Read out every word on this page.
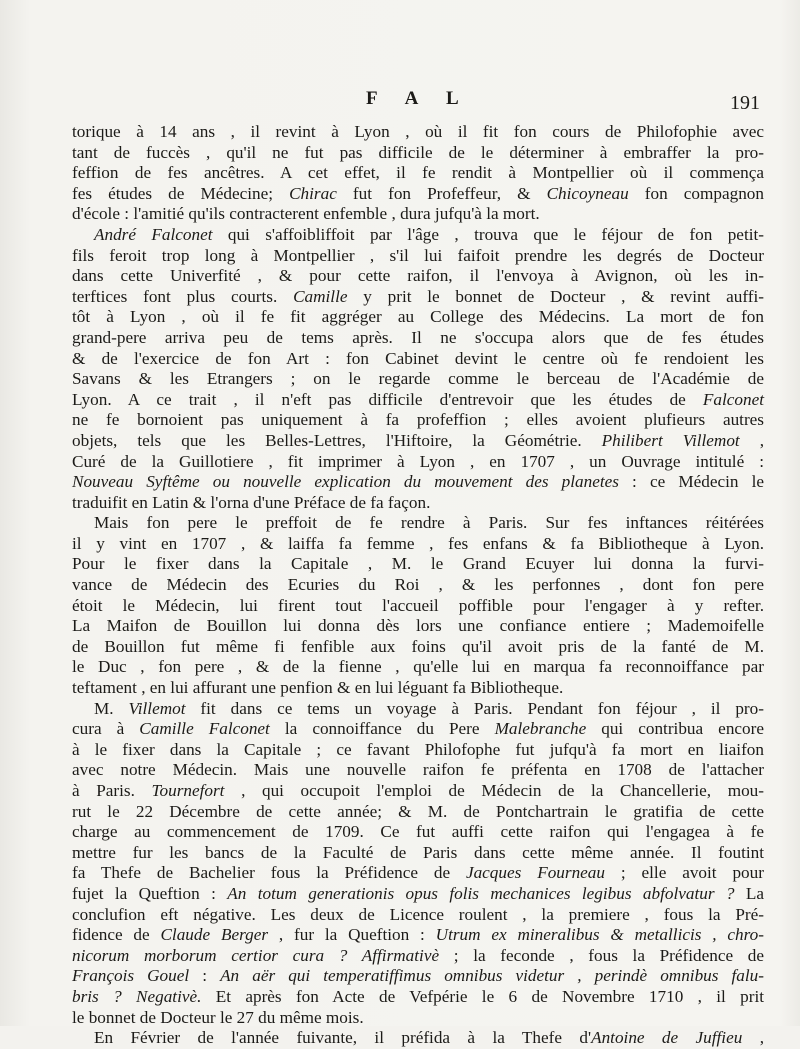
F A L	191
torique à 14 ans , il revint à Lyon , où il fit fon cours de Philofophie avec
tant de fuccès , qu'il ne fut pas difficile de le déterminer à embraffer la pro-
feffion de fes ancêtres. A cet effet, il fe rendit à Montpellier où il commença
fes études de Médecine; Chirac fut fon Profeffeur, & Chicoyneau fon compagnon
d'école : l'amitié qu'ils contracterent enfemble , dura jufqu'à la mort.
André Falconet qui s'affoibliffoit par l'âge , trouva que le féjour de fon petit-
fils feroit trop long à Montpellier , s'il lui faifoit prendre les degrés de Docteur
dans cette Univerfité , & pour cette raifon, il l'envoya à Avignon, où les in-
terftices font plus courts. Camille y prit le bonnet de Docteur , & revint auffi-
tôt à Lyon , où il fe fit aggréger au College des Médecins. La mort de fon
grand-pere arriva peu de tems après. Il ne s'occupa alors que de fes études
& de l'exercice de fon Art : fon Cabinet devint le centre où fe rendoient les
Savans & les Etrangers ; on le regarde comme le berceau de l'Académie de
Lyon. A ce trait , il n'eft pas difficile d'entrevoir que les études de Falconet
ne fe bornoient pas uniquement à fa profeffion ; elles avoient plufieurs autres
objets, tels que les Belles-Lettres, l'Hiftoire, la Géométrie. Philibert Villemot ,
Curé de la Guillotiere , fit imprimer à Lyon , en 1707 , un Ouvrage intitulé :
Nouveau Syftême ou nouvelle explication du mouvement des planetes : ce Médecin le
traduifit en Latin & l'orna d'une Préface de fa façon.
Mais fon pere le preffoit de fe rendre à Paris. Sur fes inftances réitérées
il y vint en 1707 , & laiffa fa femme , fes enfans & fa Bibliotheque à Lyon.
Pour le fixer dans la Capitale , M. le Grand Ecuyer lui donna la furvi-
vance de Médecin des Ecuries du Roi , & les perfonnes , dont fon pere
étoit le Médecin, lui firent tout l'accueil poffible pour l'engager à y refter.
La Maifon de Bouillon lui donna dès lors une confiance entiere ; Mademoifelle
de Bouillon fut même fi fenfible aux foins qu'il avoit pris de la fanté de M.
le Duc , fon pere , & de la fienne , qu'elle lui en marqua fa reconnoiffance par
teftament , en lui affurant une penfion & en lui léguant fa Bibliotheque.
M. Villemot fit dans ce tems un voyage à Paris. Pendant fon féjour , il pro-
cura à Camille Falconet la connoiffance du Pere Malebranche qui contribua encore
à le fixer dans la Capitale ; ce favant Philofophe fut jufqu'à fa mort en liaifon
avec notre Médecin. Mais une nouvelle raifon fe préfenta en 1708 de l'attacher
à Paris. Tournefort , qui occupoit l'emploi de Médecin de la Chancellerie, mou-
rut le 22 Décembre de cette année; & M. de Pontchartrain le gratifia de cette
charge au commencement de 1709. Ce fut auffi cette raifon qui l'engagea à fe
mettre fur les bancs de la Faculté de Paris dans cette même année. Il foutint
fa Thefe de Bachelier fous la Préfidence de Jacques Fourneau ; elle avoit pour
fujet la Queftion : An totum generationis opus folis mechanices legibus abfolvatur ? La
conclufion eft négative. Les deux de Licence roulent , la premiere , fous la Pré-
fidence de Claude Berger , fur la Queftion : Utrum ex mineralibus & metallicis , chro-
nicorum morborum certior cura ? Affirmativè ; la feconde , fous la Préfidence de
François Gouel : An aër qui temperatiffimus omnibus videtur , perindè omnibus falu-
bris ? Negativè. Et après fon Acte de Vefpérie le 6 de Novembre 1710 , il prit
le bonnet de Docteur le 27 du même mois.
En Février de l'année fuivante, il préfida à la Thefe d'Antoine de Juffieu ,
